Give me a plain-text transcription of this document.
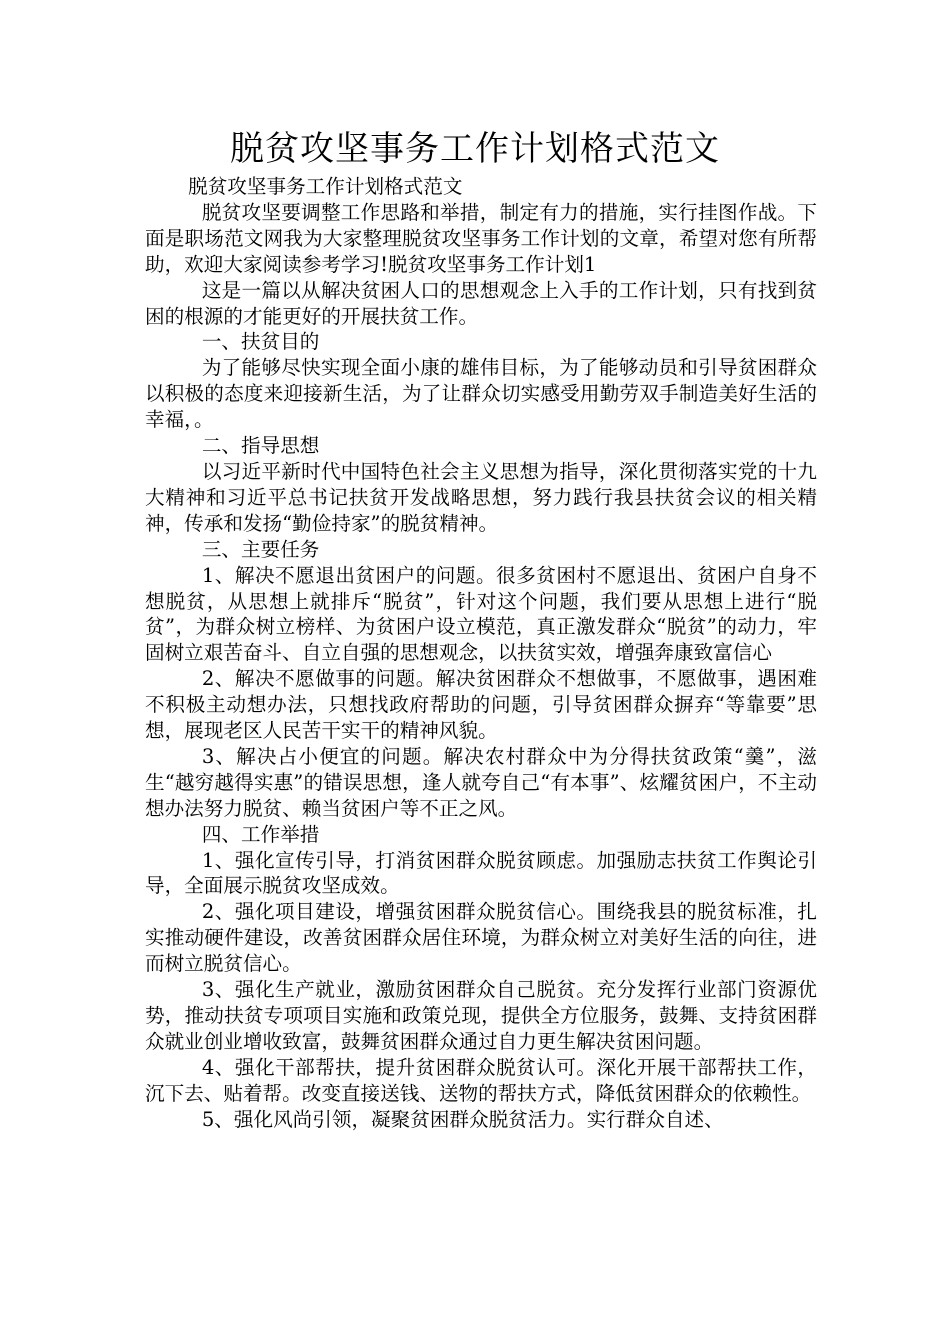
脱贫攻坚事务工作计划格式范文

脱贫攻坚事务工作计划格式范文

脱贫攻坚要调整工作思路和举措，制定有力的措施，实行挂图作战。下面是职场范文网我为大家整理脱贫攻坚事务工作计划的文章，希望对您有所帮助，欢迎大家阅读参考学习!脱贫攻坚事务工作计划1

这是一篇以从解决贫困人口的思想观念上入手的工作计划，只有找到贫困的根源的才能更好的开展扶贫工作。

一、扶贫目的

为了能够尽快实现全面小康的雄伟目标，为了能够动员和引导贫困群众以积极的态度来迎接新生活，为了让群众切实感受用勤劳双手制造美好生活的幸福，。

二、指导思想

以习近平新时代中国特色社会主义思想为指导，深化贯彻落实党的十九大精神和习近平总书记扶贫开发战略思想，努力践行我县扶贫会议的相关精神，传承和发扬“勤俭持家”的脱贫精神。

三、主要任务

1、解决不愿退出贫困户的问题。很多贫困村不愿退出、贫困户自身不想脱贫，从思想上就排斥“脱贫”，针对这个问题，我们要从思想上进行“脱贫”，为群众树立榜样、为贫困户设立模范，真正激发群众“脱贫”的动力，牢固树立艰苦奋斗、自立自强的思想观念，以扶贫实效，增强奔康致富信心

2、解决不愿做事的问题。解决贫困群众不想做事，不愿做事，遇困难不积极主动想办法，只想找政府帮助的问题，引导贫困群众摒弃“等靠要”思想，展现老区人民苦干实干的精神风貌。

3、解决占小便宜的问题。解决农村群众中为分得扶贫政策“羹”，滋生“越穷越得实惠”的错误思想，逢人就夸自己“有本事”、炫耀贫困户，不主动想办法努力脱贫、赖当贫困户等不正之风。

四、工作举措

1、强化宣传引导，打消贫困群众脱贫顾虑。加强励志扶贫工作舆论引导，全面展示脱贫攻坚成效。

2、强化项目建设，增强贫困群众脱贫信心。围绕我县的脱贫标准，扎实推动硬件建设，改善贫困群众居住环境，为群众树立对美好生活的向往，进而树立脱贫信心。

3、强化生产就业，激励贫困群众自己脱贫。充分发挥行业部门资源优势，推动扶贫专项项目实施和政策兑现，提供全方位服务，鼓舞、支持贫困群众就业创业增收致富，鼓舞贫困群众通过自力更生解决贫困问题。

4、强化干部帮扶，提升贫困群众脱贫认可。深化开展干部帮扶工作，沉下去、贴着帮。改变直接送钱、送物的帮扶方式，降低贫困群众的依赖性。

5、强化风尚引领，凝聚贫困群众脱贫活力。实行群众自述、
